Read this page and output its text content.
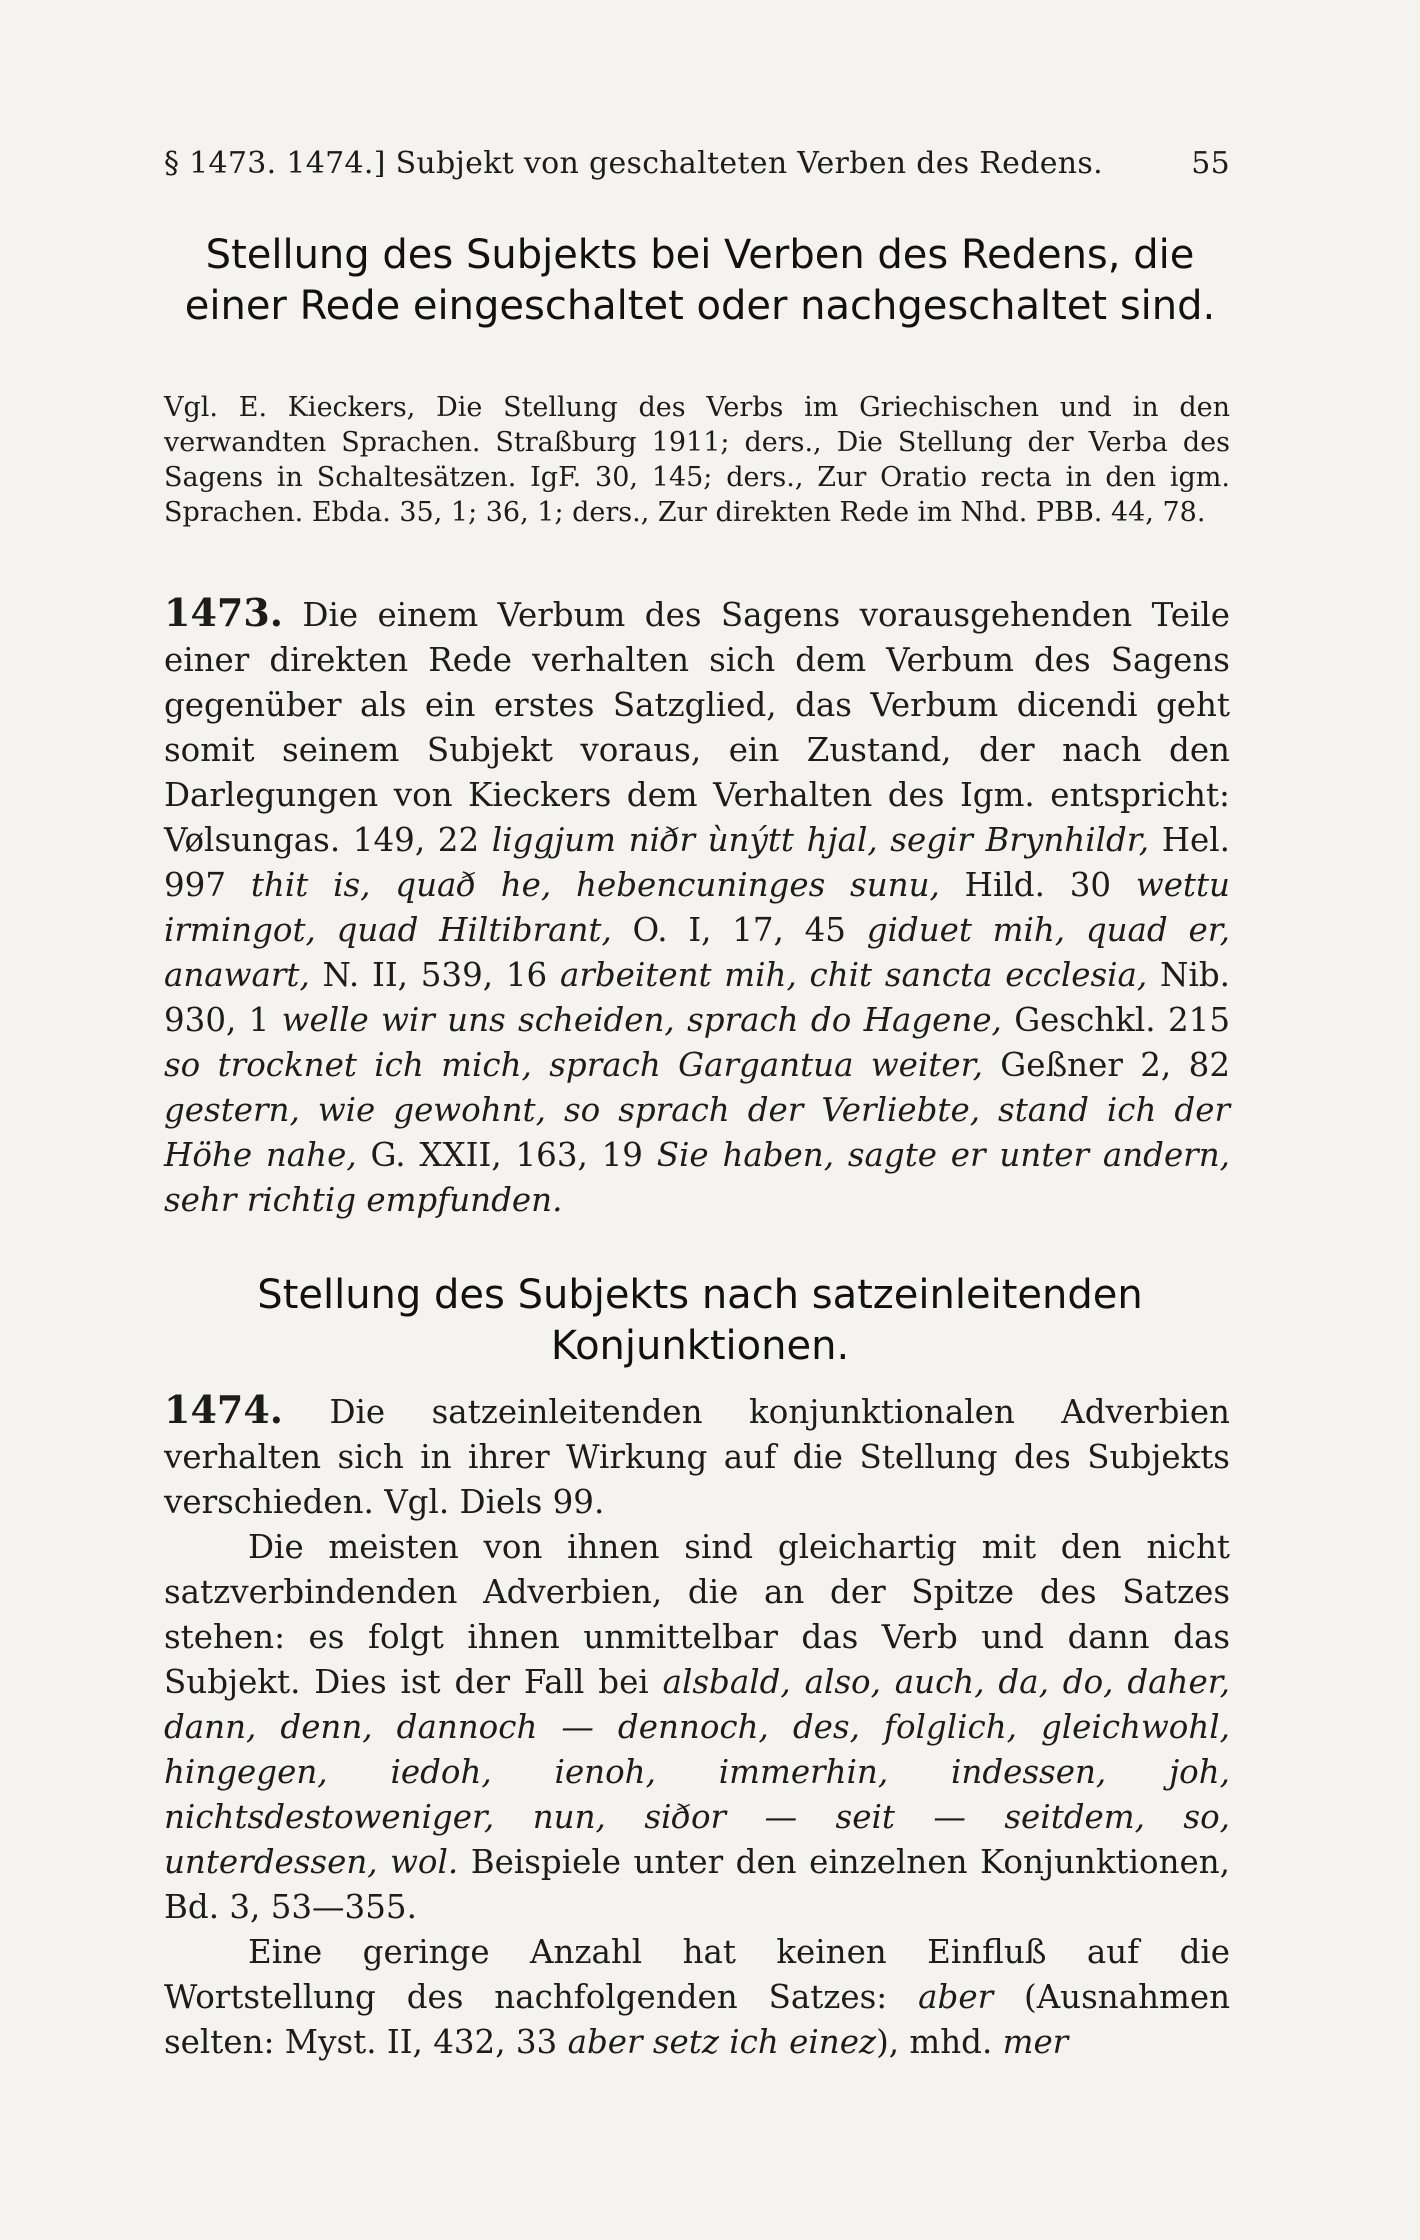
§ 1473. 1474.] Subjekt von geschalteten Verben des Redens.	55
Stellung des Subjekts bei Verben des Redens, die einer Rede eingeschaltet oder nachgeschaltet sind.
Vgl. E. Kieckers, Die Stellung des Verbs im Griechischen und in den verwandten Sprachen. Straßburg 1911; ders., Die Stellung der Verba des Sagens in Schaltesätzen. IgF. 30, 145; ders., Zur Oratio recta in den igm. Sprachen. Ebda. 35, 1; 36, 1; ders., Zur direkten Rede im Nhd. PBB. 44, 78.
1473. Die einem Verbum des Sagens vorausgehenden Teile einer direkten Rede verhalten sich dem Verbum des Sagens gegenüber als ein erstes Satzglied, das Verbum dicendi geht somit seinem Subjekt voraus, ein Zustand, der nach den Darlegungen von Kieckers dem Verhalten des Igm. entspricht: Vølsungas. 149, 22 liggjum niðr ùnýtt hjal, segir Brynhildr, Hel. 997 thit is, quað he, hebencuninges sunu, Hild. 30 wettu irmingot, quad Hiltibrant, O. I, 17, 45 giduet mih, quad er, anawart, N. II, 539, 16 arbeitent mih, chit sancta ecclesia, Nib. 930, 1 welle wir uns scheiden, sprach do Hagene, Geschkl. 215 so trocknet ich mich, sprach Gargantua weiter, Geßner 2, 82 gestern, wie gewohnt, so sprach der Verliebte, stand ich der Höhe nahe, G. XXII, 163, 19 Sie haben, sagte er unter andern, sehr richtig empfunden.
Stellung des Subjekts nach satzeinleitenden Konjunktionen.
1474. Die satzeinleitenden konjunktionalen Adverbien verhalten sich in ihrer Wirkung auf die Stellung des Subjekts verschieden. Vgl. Diels 99.
Die meisten von ihnen sind gleichartig mit den nicht satzverbindenden Adverbien, die an der Spitze des Satzes stehen: es folgt ihnen unmittelbar das Verb und dann das Subjekt. Dies ist der Fall bei alsbald, also, auch, da, do, daher, dann, denn, dannoch — dennoch, des, folglich, gleichwohl, hingegen, iedoh, ienoh, immerhin, indessen, joh, nichtsdestoweniger, nun, siðor — seit — seitdem, so, unterdessen, wol. Beispiele unter den einzelnen Konjunktionen, Bd. 3, 53—355.
Eine geringe Anzahl hat keinen Einfluß auf die Wortstellung des nachfolgenden Satzes: aber (Ausnahmen selten: Myst. II, 432, 33 aber setz ich einez), mhd. mer
